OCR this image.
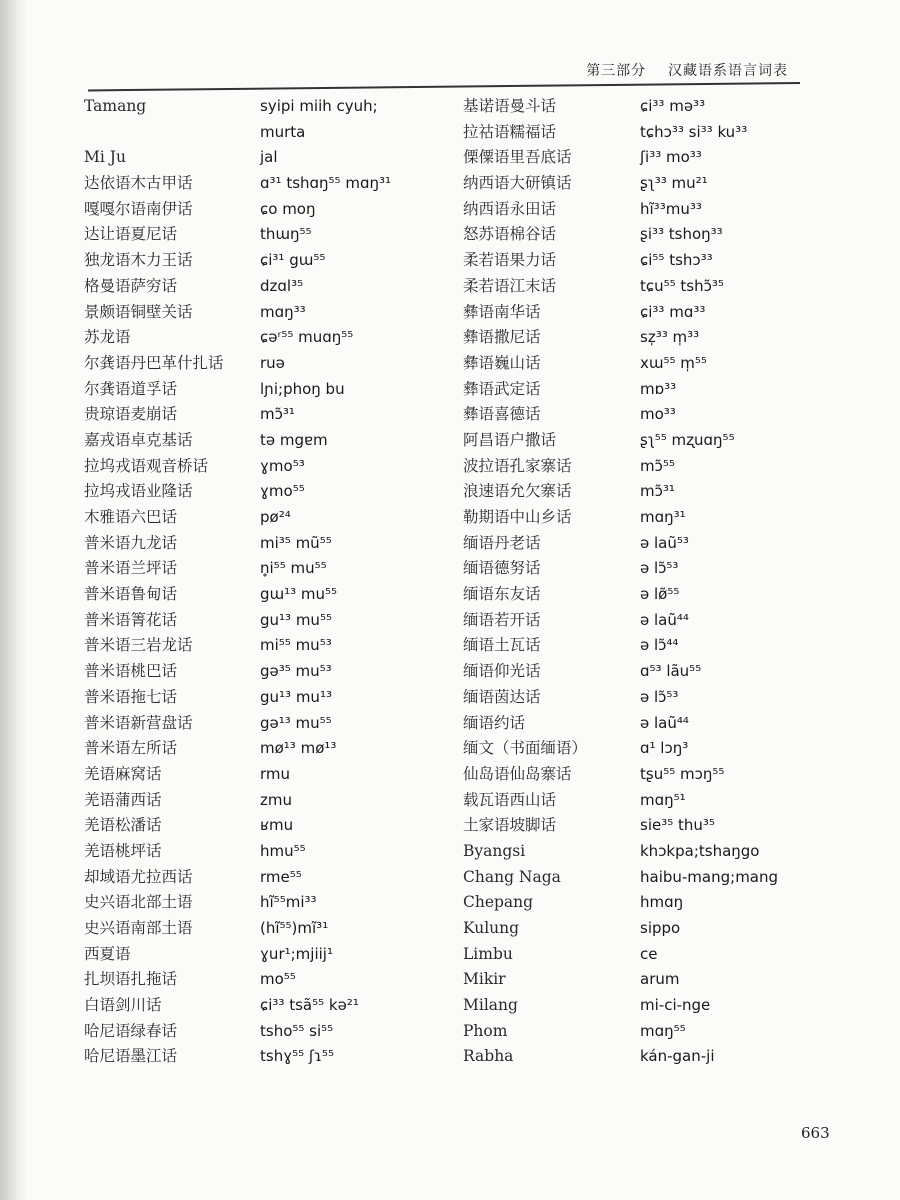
第三部分 汉藏语系语言词表
Tamang
Mi Ju
达依语木古甲话
嘎嘎尔语南伊话
达让语夏尼话
独龙语木力王话
格曼语萨穷话
景颇语铜壁关话
苏龙语
尔龚语丹巴革什扎话
尔龚语道孚话
贵琼语麦崩话
嘉戎语卓克基话
拉坞戎语观音桥话
拉坞戎语业隆话
木雅语六巴话
普米语九龙话
普米语兰坪话
普米语鲁甸话
普米语箐花话
普米语三岩龙话
普米语桃巴话
普米语拖七话
普米语新营盘话
普米语左所话
羌语麻窝话
羌语蒲西话
羌语松潘话
羌语桃坪话
却域语尤拉西话
史兴语北部土语
史兴语南部土语
西夏语
扎坝语扎拖话
白语剑川话
哈尼语绿春话
哈尼语墨江话
syipi miih cyuh;
murta
jal
ɑ³¹ tshɑŋ⁵⁵ mɑŋ³¹
ɕo moŋ
thɯŋ⁵⁵
ɕi³¹ gɯ⁵⁵
dzɑl³⁵
mɑŋ³³
ɕəʳ⁵⁵ muɑŋ⁵⁵
ruə
lɲi;phoŋ bu
mɔ̃³¹
tə mgɐm
ɣmo⁵³
ɣmo⁵⁵
pø²⁴
mi³⁵ mũ⁵⁵
n̥i⁵⁵ mu⁵⁵
gɯ¹³ mu⁵⁵
gu¹³ mu⁵⁵
mi⁵⁵ mu⁵³
gə³⁵ mu⁵³
gu¹³ mu¹³
gə¹³ mu⁵⁵
mø¹³ mø¹³
rmu
zmu
ʁmu
hmu⁵⁵
rme⁵⁵
hĩ⁵⁵mi³³
(hĩ⁵⁵)mĩ³¹
ɣur¹;mjiij¹
mo⁵⁵
ɕi³³ tsã⁵⁵ kə²¹
tsho⁵⁵ si⁵⁵
tshɣ⁵⁵ ʃɿ⁵⁵
基诺语曼斗话
拉祜语糯福话
傈僳语里吾底话
纳西语大研镇话
纳西语永田话
怒苏语棉谷话
柔若语果力话
柔若语江末话
彝语南华话
彝语撒尼话
彝语巍山话
彝语武定话
彝语喜德话
阿昌语户撒话
波拉语孔家寨话
浪速语允欠寨话
勒期语中山乡话
缅语丹老话
缅语德努话
缅语东友话
缅语若开话
缅语土瓦话
缅语仰光话
缅语茵达话
缅语约话
缅文（书面缅语）
仙岛语仙岛寨话
载瓦语西山话
土家语坡脚话
Byangsi
Chang Naga
Chepang
Kulung
Limbu
Mikir
Milang
Phom
Rabha
ɕi³³ mə³³
tɕhɔ³³ si³³ ku³³
ʃi³³ mo³³
ʂʅ³³ mu²¹
hĩ³³mu³³
ʂi³³ tshoŋ³³
ɕi⁵⁵ tshɔ³³
tɕu⁵⁵ tshɔ̃³⁵
ɕi³³ mɑ³³
sz̩³³ m̩³³
xɯ⁵⁵ m̩⁵⁵
mɒ³³
mo³³
ʂʅ⁵⁵ mʐuɑŋ⁵⁵
mɔ̃⁵⁵
mɔ̃³¹
mɑŋ³¹
ə laũ⁵³
ə lɔ̃⁵³
ə lø̃⁵⁵
ə laũ⁴⁴
ə lɔ̃⁴⁴
ɑ⁵³ lãu⁵⁵
ə lɔ̃⁵³
ə laũ⁴⁴
ɑ¹ lɔŋ³
tʂu⁵⁵ mɔŋ⁵⁵
mɑŋ⁵¹
sie³⁵ thu³⁵
khɔkpa;tshaŋgo
haibu-mang;mang
hmɑŋ
sippo
ce
arum
mi-ci-nge
mɑŋ⁵⁵
kán-gan-ji
663
